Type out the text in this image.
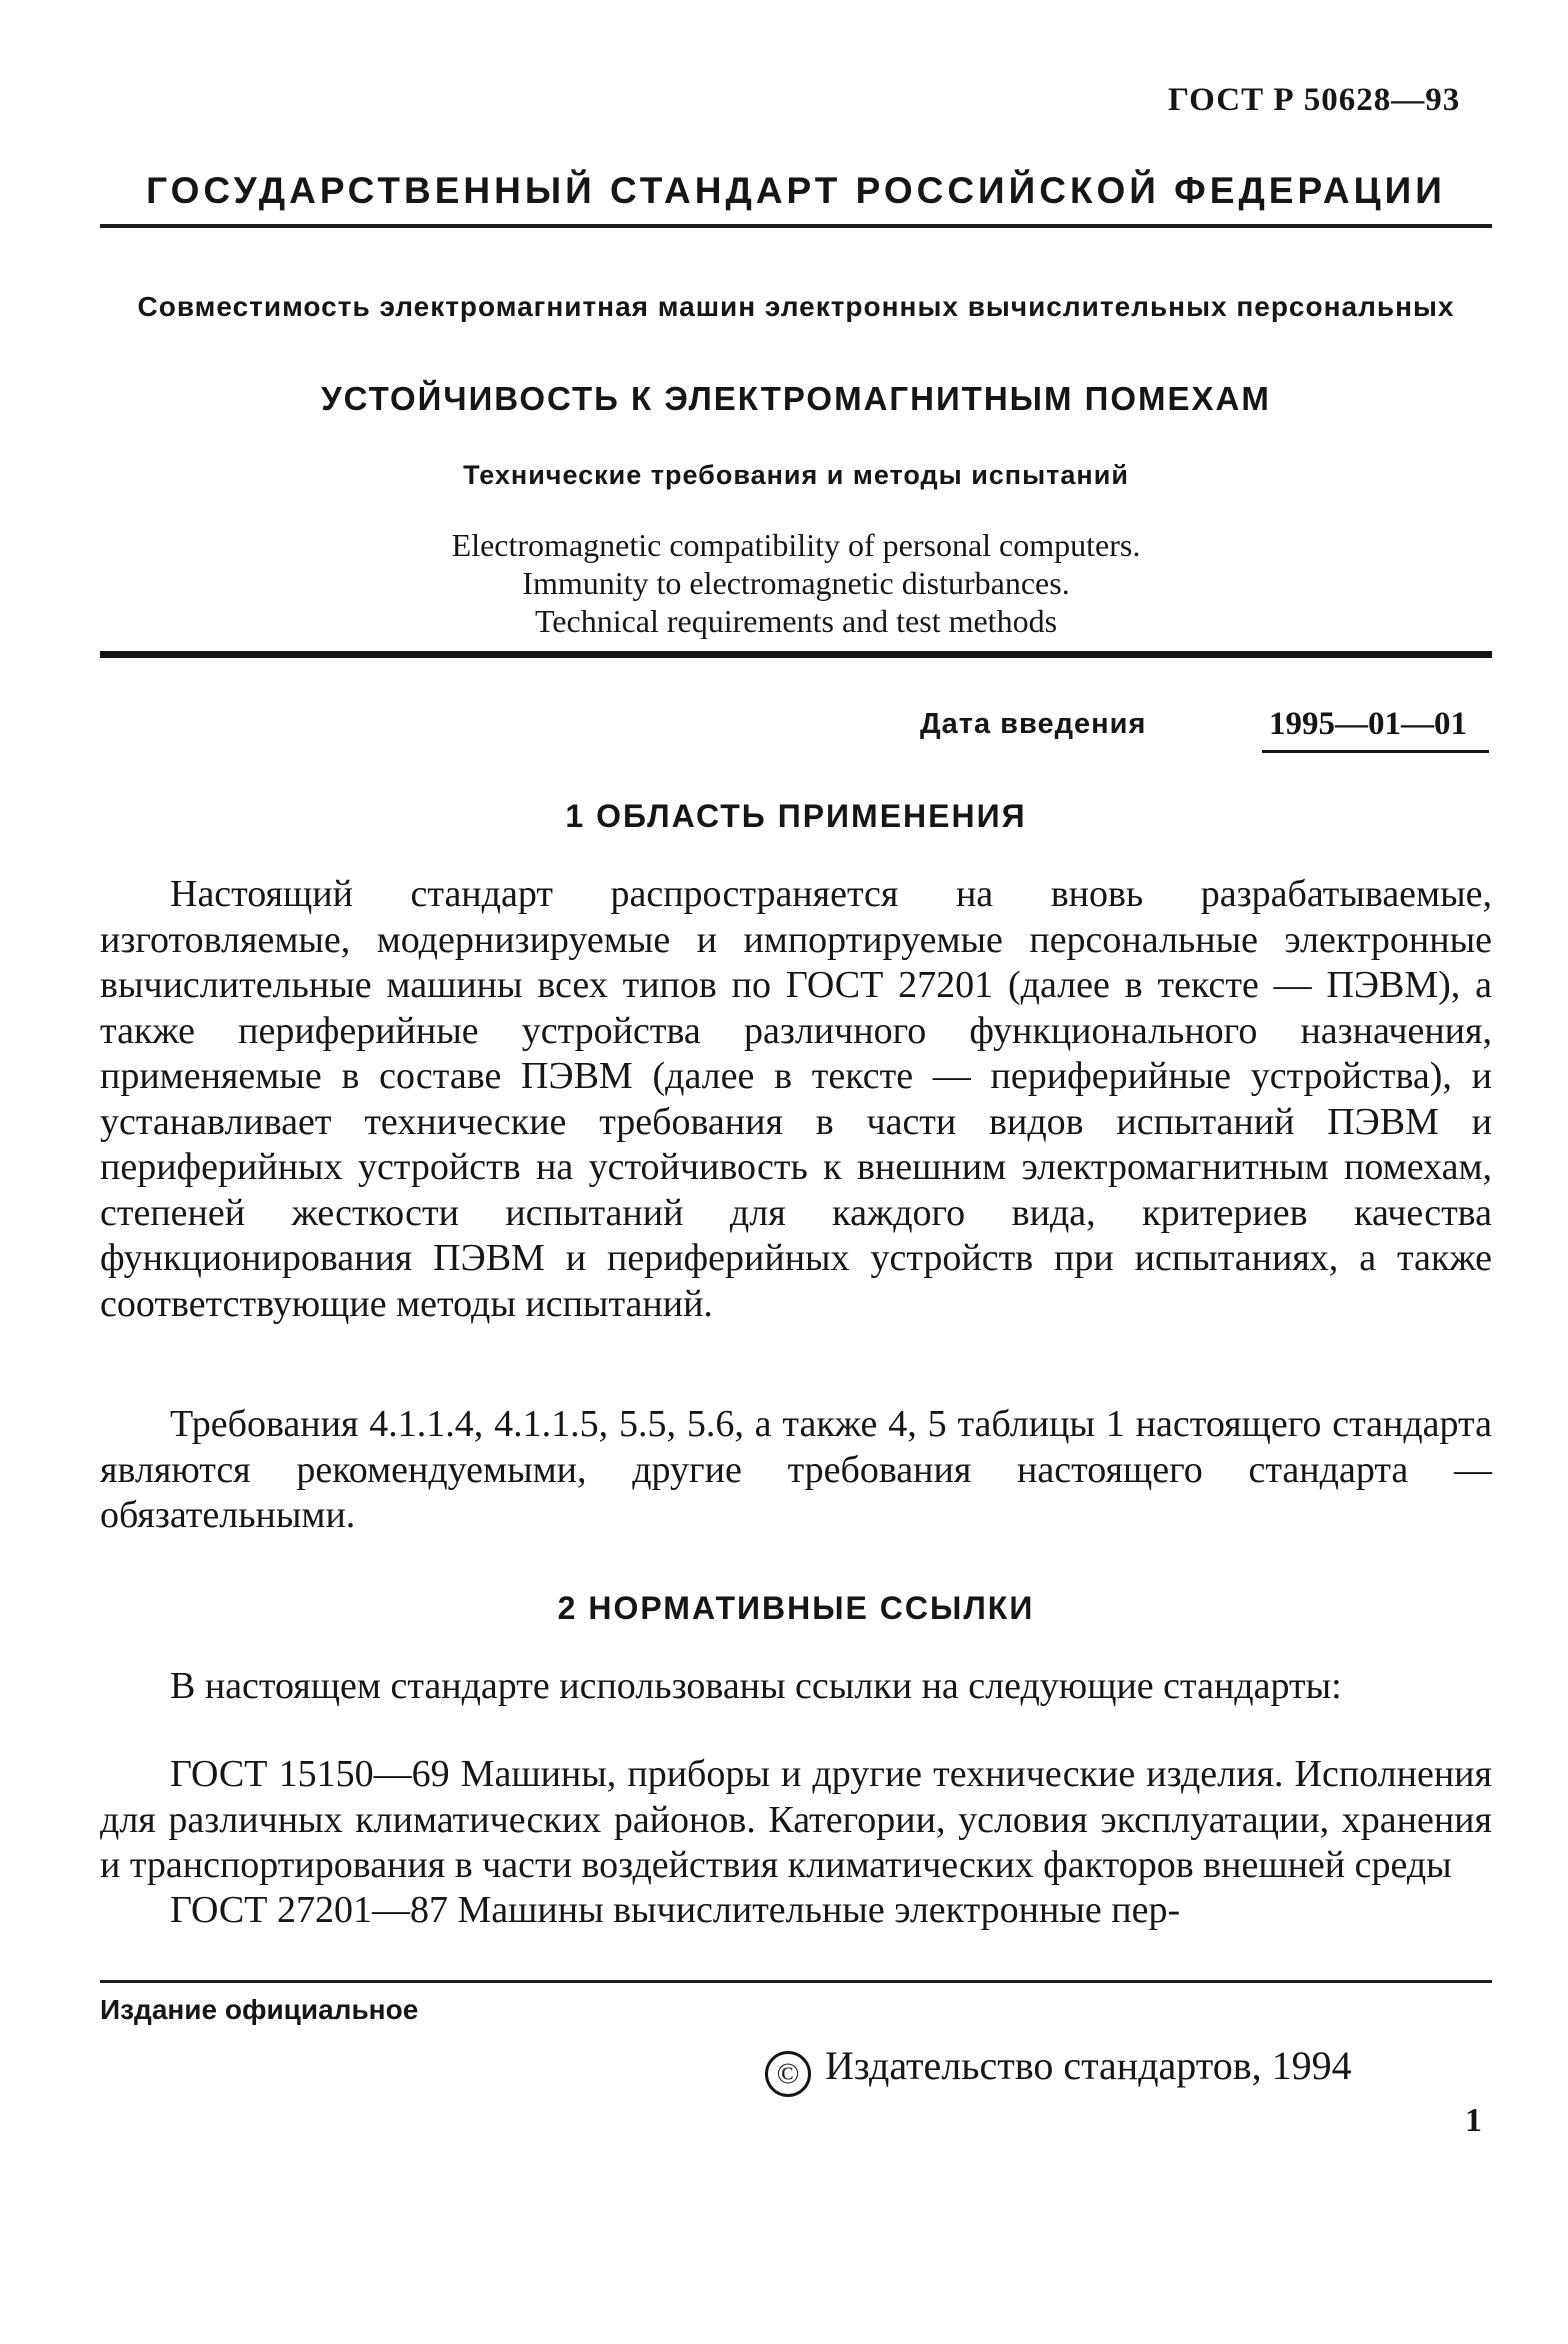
ГОСТ Р 50628—93
ГОСУДАРСТВЕННЫЙ СТАНДАРТ РОССИЙСКОЙ ФЕДЕРАЦИИ
Совместимость электромагнитная машин электронных вычислительных персональных
УСТОЙЧИВОСТЬ К ЭЛЕКТРОМАГНИТНЫМ ПОМЕХАМ
Технические требования и методы испытаний
Electromagnetic compatibility of personal computers.
Immunity to electromagnetic disturbances.
Technical requirements and test methods
Дата введения	1995—01—01
1 ОБЛАСТЬ ПРИМЕНЕНИЯ
Настоящий стандарт распространяется на вновь разрабатываемые, изготовляемые, модернизируемые и импортируемые персональные электронные вычислительные машины всех типов по ГОСТ 27201 (далее в тексте — ПЭВМ), а также периферийные устройства различного функционального назначения, применяемые в составе ПЭВМ (далее в тексте — периферийные устройства), и устанавливает технические требования в части видов испытаний ПЭВМ и периферийных устройств на устойчивость к внешним электромагнитным помехам, степеней жесткости испытаний для каждого вида, критериев качества функционирования ПЭВМ и периферийных устройств при испытаниях, а также соответствующие методы испытаний.
Требования 4.1.1.4, 4.1.1.5, 5.5, 5.6, а также 4, 5 таблицы 1 настоящего стандарта являются рекомендуемыми, другие требования настоящего стандарта — обязательными.
2 НОРМАТИВНЫЕ ССЫЛКИ
В настоящем стандарте использованы ссылки на следующие стандарты:
ГОСТ 15150—69 Машины, приборы и другие технические изделия. Исполнения для различных климатических районов. Категории, условия эксплуатации, хранения и транспортирования в части воздействия климатических факторов внешней среды
ГОСТ 27201—87 Машины вычислительные электронные пер-
Издание официальное
© Издательство стандартов, 1994
1
